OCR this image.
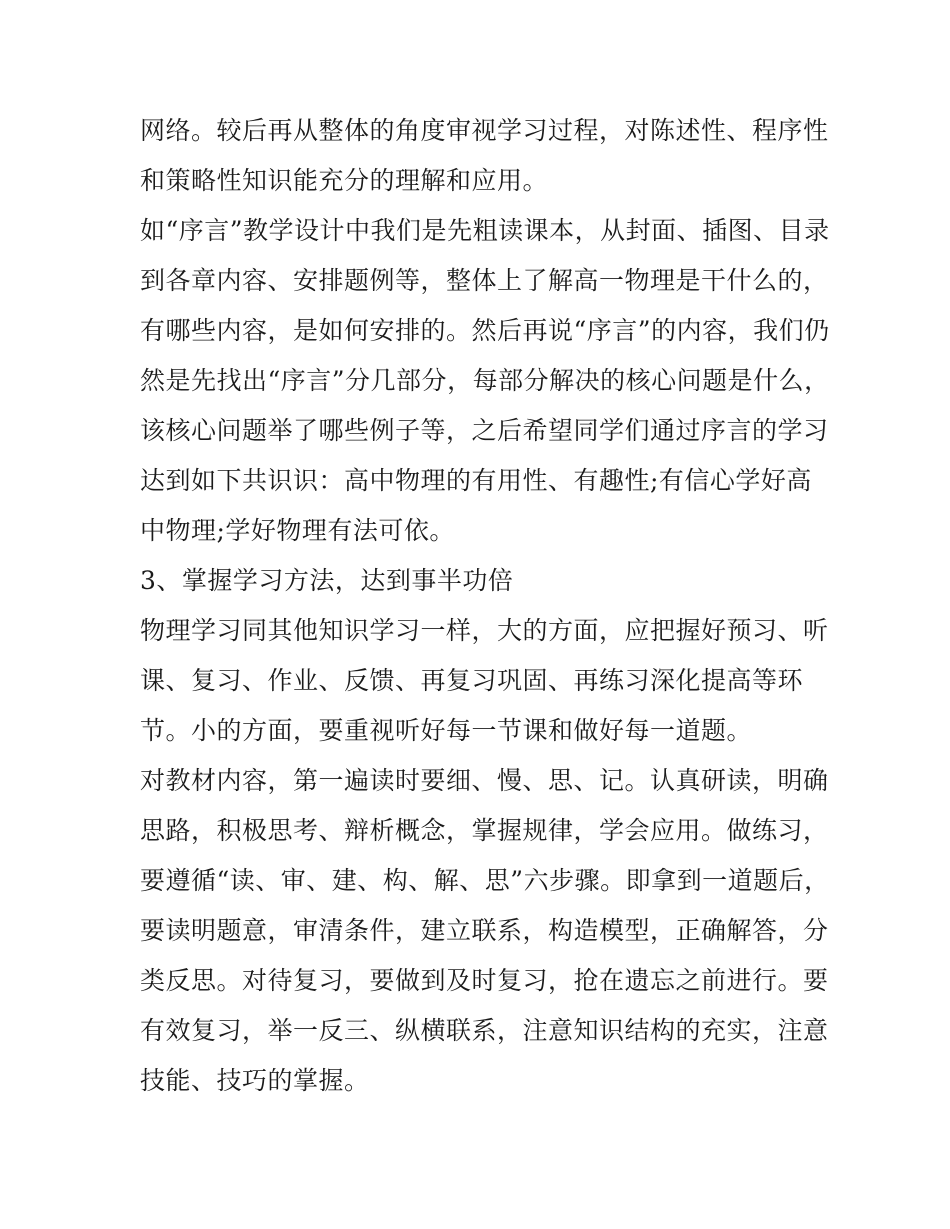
网络。较后再从整体的角度审视学习过程，对陈述性、程序性
和策略性知识能充分的理解和应用。
如“序言”教学设计中我们是先粗读课本，从封面、插图、目录
到各章内容、安排题例等，整体上了解高一物理是干什么的，
有哪些内容，是如何安排的。然后再说“序言”的内容，我们仍
然是先找出“序言”分几部分，每部分解决的核心问题是什么，
该核心问题举了哪些例子等，之后希望同学们通过序言的学习
达到如下共识识：高中物理的有用性、有趣性;有信心学好高
中物理;学好物理有法可依。
3、掌握学习方法，达到事半功倍
物理学习同其他知识学习一样，大的方面，应把握好预习、听
课、复习、作业、反馈、再复习巩固、再练习深化提高等环
节。小的方面，要重视听好每一节课和做好每一道题。
对教材内容，第一遍读时要细、慢、思、记。认真研读，明确
思路，积极思考、辩析概念，掌握规律，学会应用。做练习，
要遵循“读、审、建、构、解、思”六步骤。即拿到一道题后，
要读明题意，审清条件，建立联系，构造模型，正确解答，分
类反思。对待复习，要做到及时复习，抢在遗忘之前进行。要
有效复习，举一反三、纵横联系，注意知识结构的充实，注意
技能、技巧的掌握。
